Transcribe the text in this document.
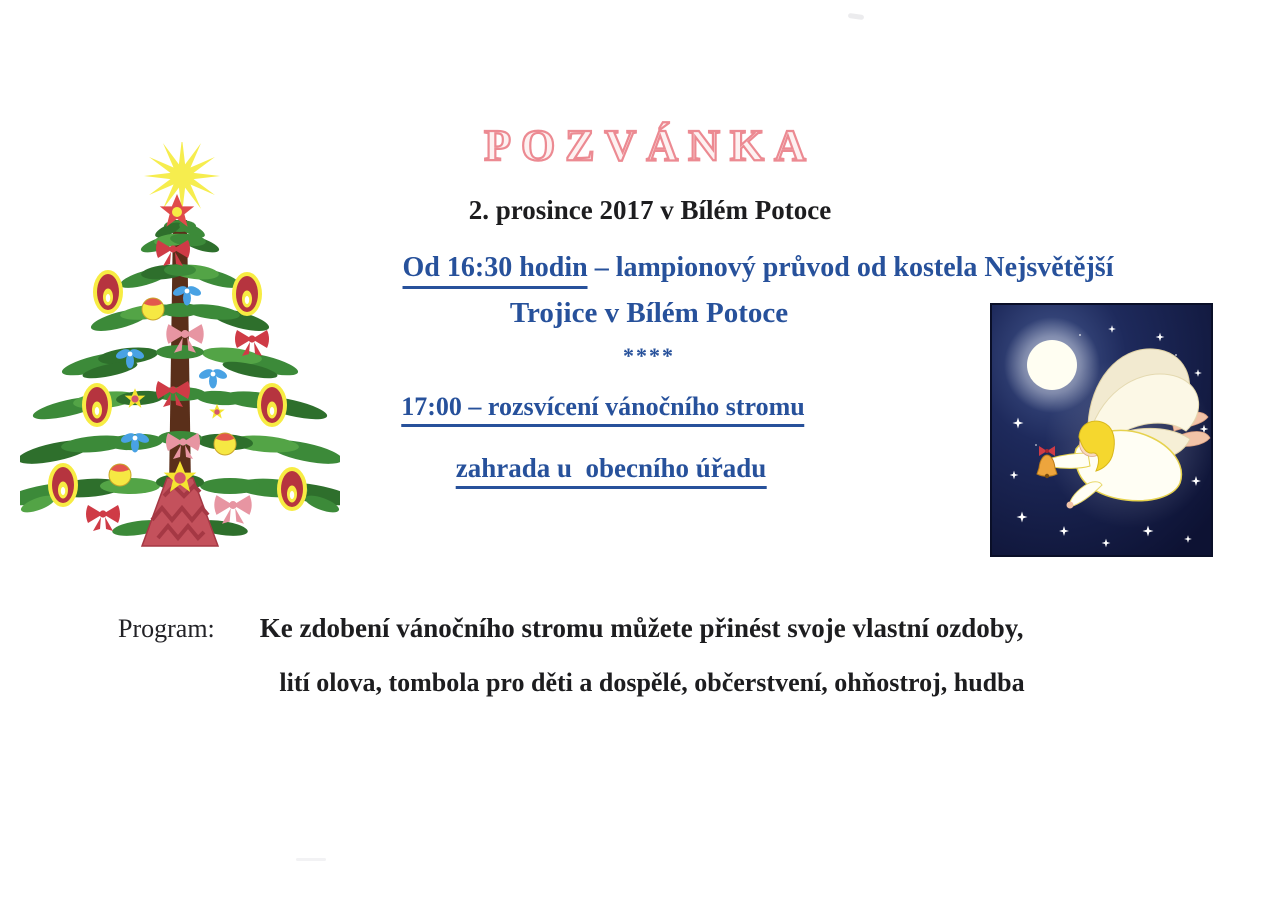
POZVÁNKA
2. prosince 2017 v Bílém Potoce
Od 16:30 hodin – lampionový průvod od kostela Nejsvětější
Trojice v Bílém Potoce
****
17:00 – rozsvícení vánočního stromu
zahrada u  obecního úřadu
Program: Ke zdobení vánočního stromu můžete přinést svoje vlastní ozdoby,
lití olova, tombola pro děti a dospělé, občerstvení, ohňostroj, hudba
